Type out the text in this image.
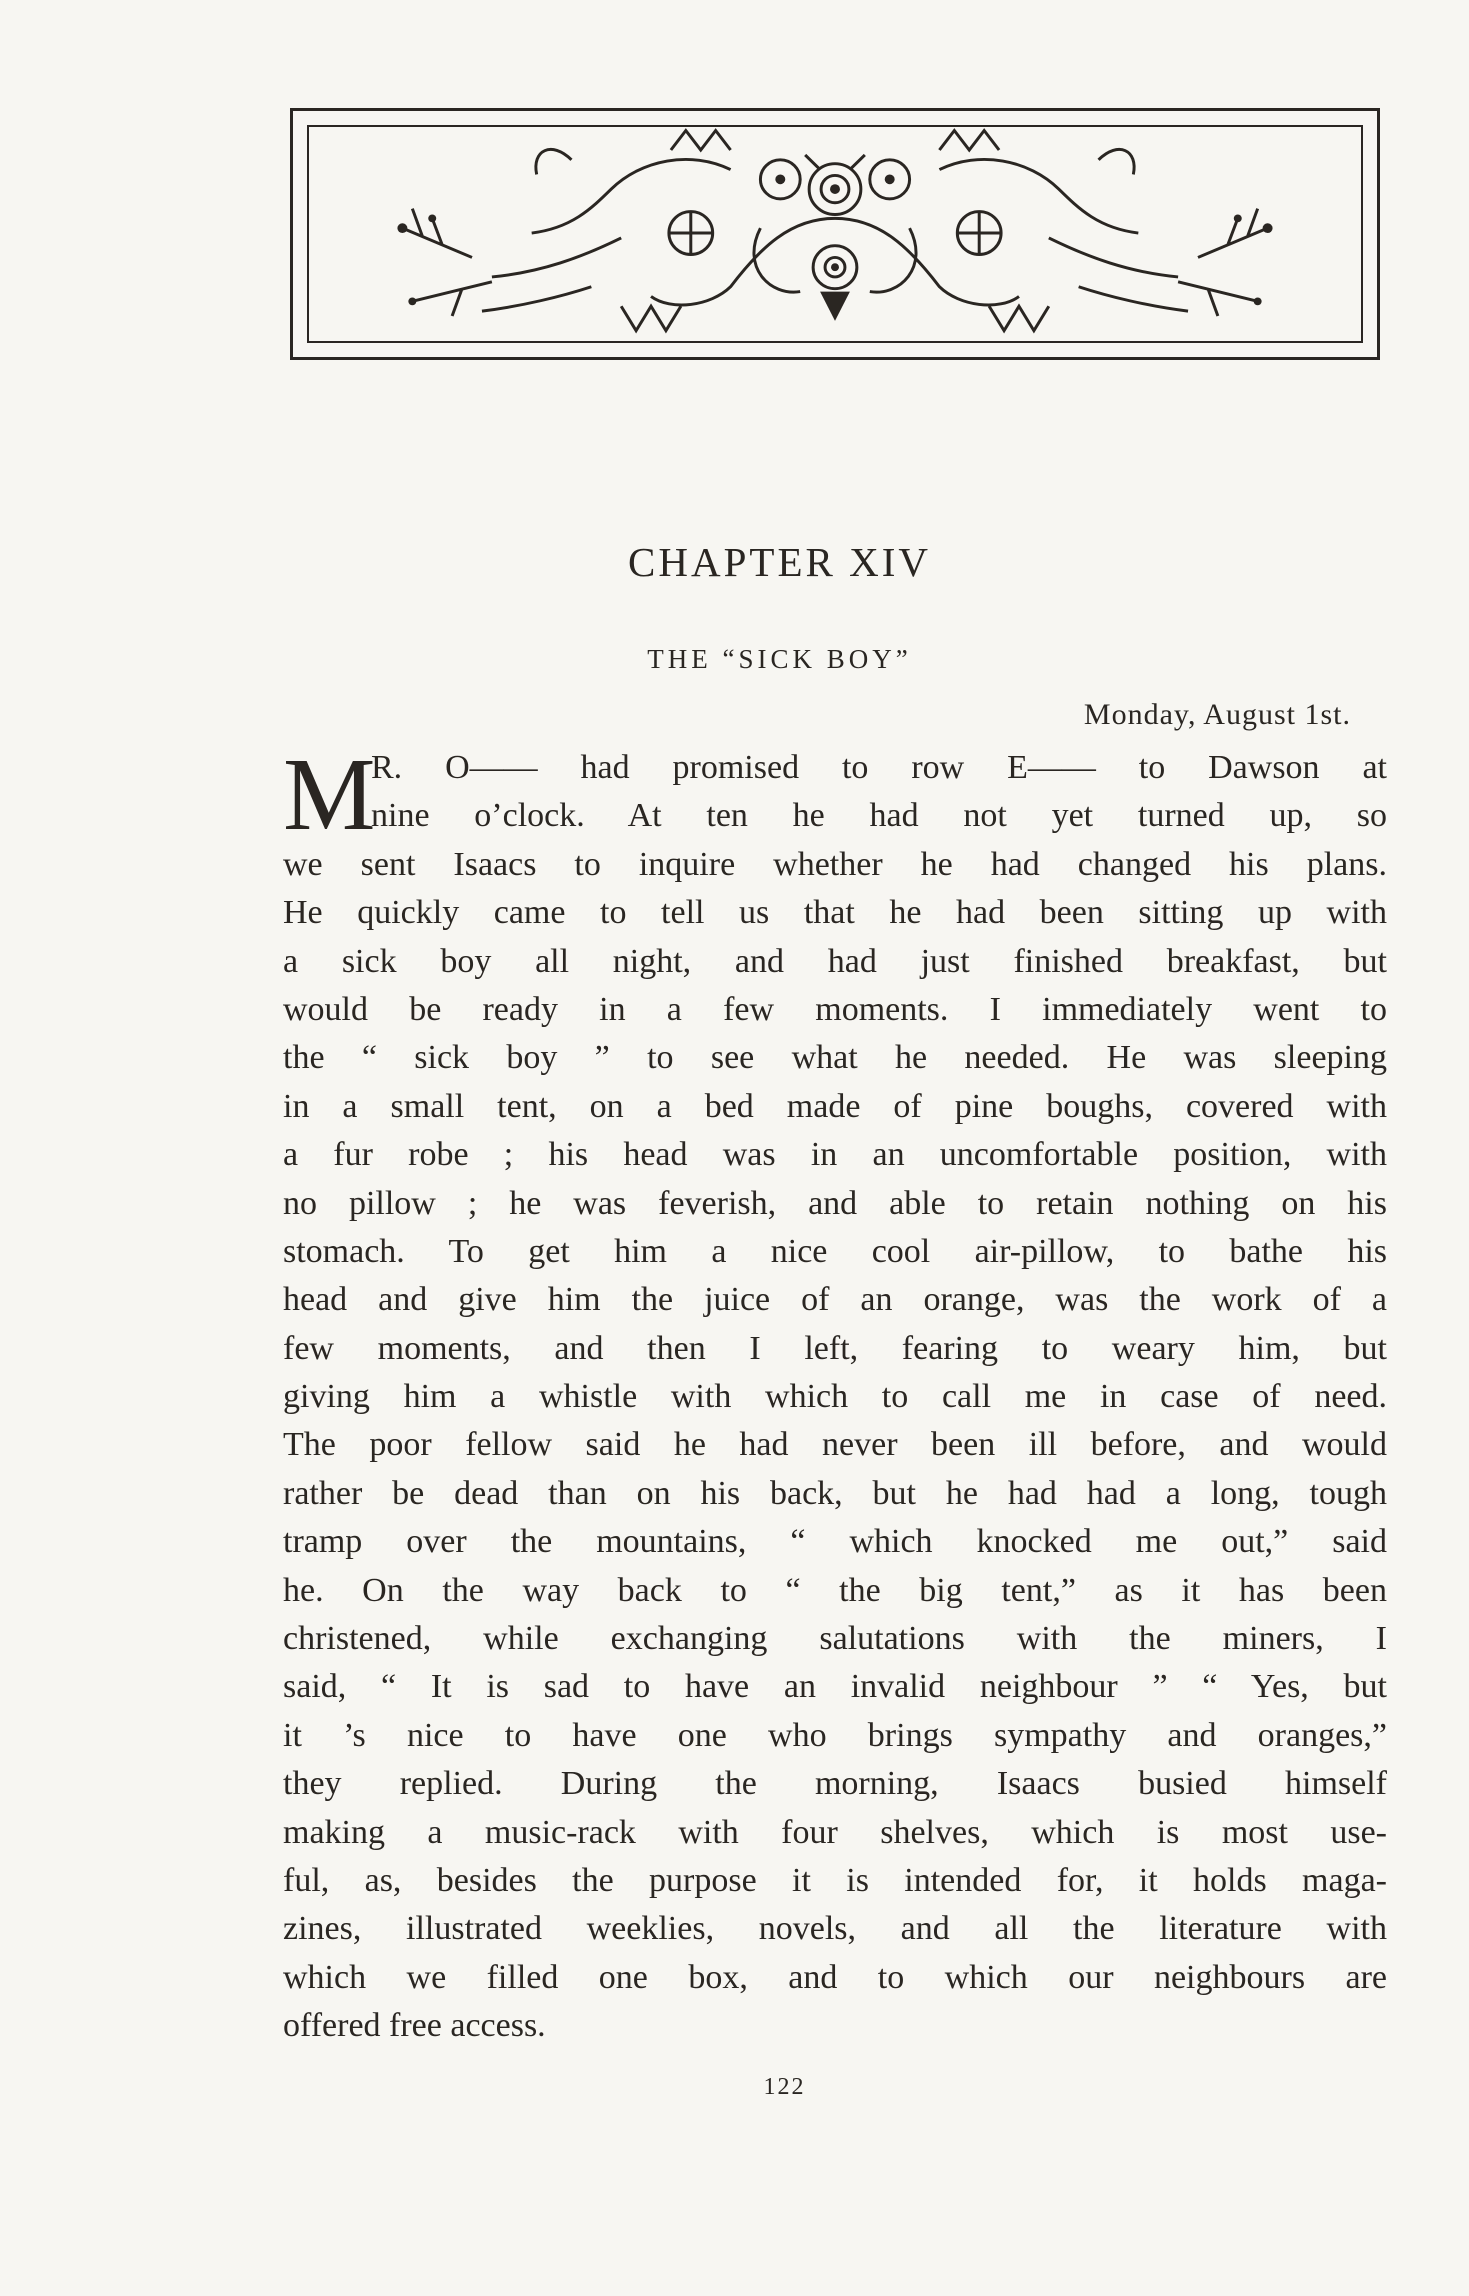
CHAPTER XIV
THE “SICK BOY”
Monday, August 1st.
M
R. O—— had promised to row E—— to Dawson at
nine o’clock. At ten he had not yet turned up, so
we sent Isaacs to inquire whether he had changed his plans.
He quickly came to tell us that he had been sitting up with
a sick boy all night, and had just finished breakfast, but
would be ready in a few moments. I immediately went to
the “ sick boy ” to see what he needed. He was sleeping
in a small tent, on a bed made of pine boughs, covered with
a fur robe ; his head was in an uncomfortable position, with
no pillow ; he was feverish, and able to retain nothing on his
stomach. To get him a nice cool air-pillow, to bathe his
head and give him the juice of an orange, was the work of a
few moments, and then I left, fearing to weary him, but
giving him a whistle with which to call me in case of need.
The poor fellow said he had never been ill before, and would
rather be dead than on his back, but he had had a long, tough
tramp over the mountains, “ which knocked me out,” said
he. On the way back to “ the big tent,” as it has been
christened, while exchanging salutations with the miners, I
said, “ It is sad to have an invalid neighbour ” “ Yes, but
it ’s nice to have one who brings sympathy and oranges,”
they replied. During the morning, Isaacs busied himself
making a music-rack with four shelves, which is most use-
ful, as, besides the purpose it is intended for, it holds maga-
zines, illustrated weeklies, novels, and all the literature with
which we filled one box, and to which our neighbours are
offered free access.
122
